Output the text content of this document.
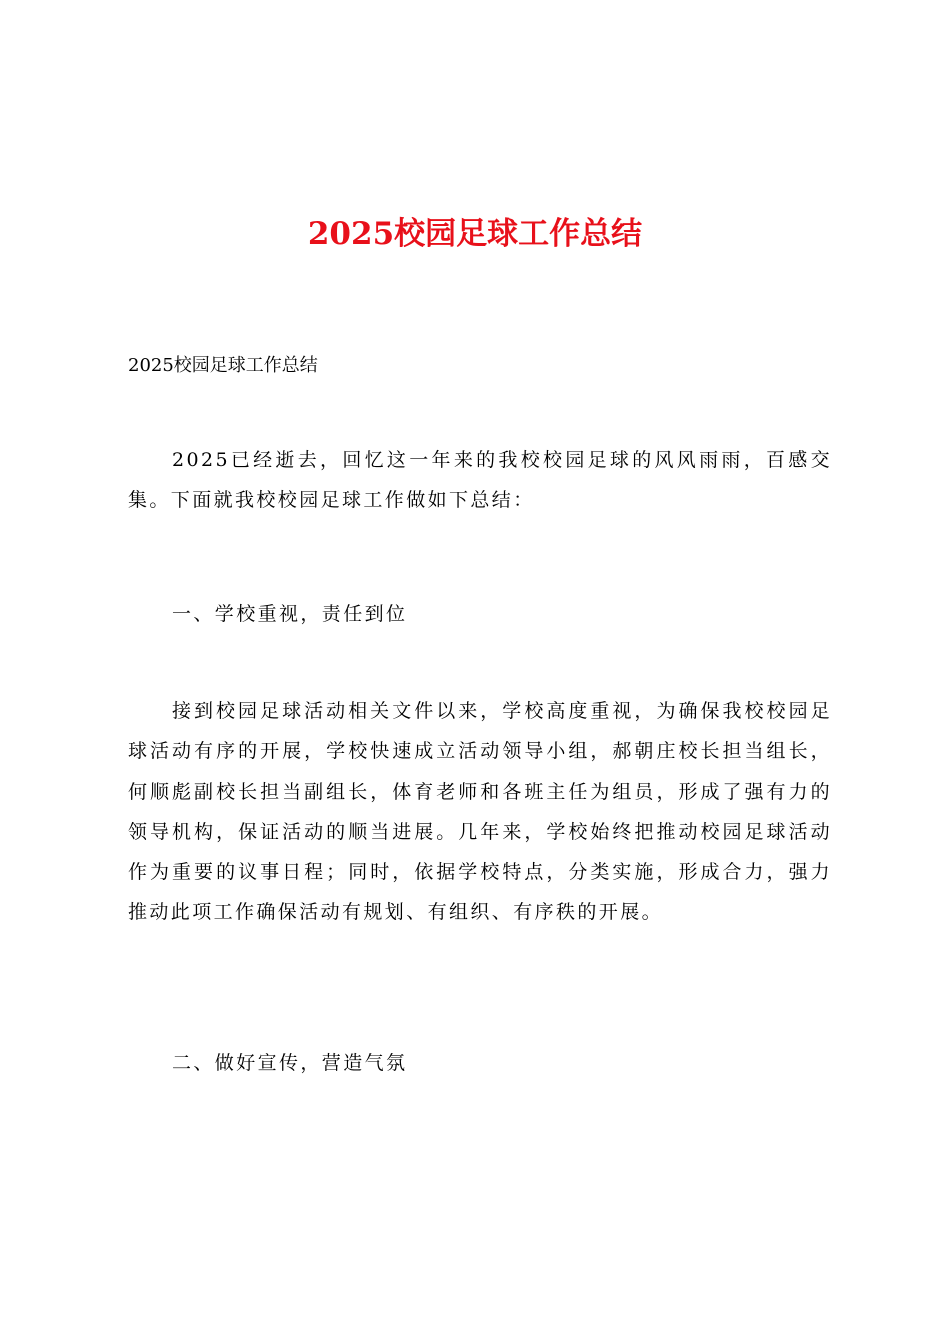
2025校园足球工作总结

2025校园足球工作总结

2025已经逝去，回忆这一年来的我校校园足球的风风雨雨，百感交集。下面就我校校园足球工作做如下总结：

一、学校重视，责任到位

接到校园足球活动相关文件以来，学校高度重视，为确保我校校园足球活动有序的开展，学校快速成立活动领导小组，郝朝庄校长担当组长，何顺彪副校长担当副组长，体育老师和各班主任为组员，形成了强有力的领导机构，保证活动的顺当进展。几年来，学校始终把推动校园足球活动作为重要的议事日程；同时，依据学校特点，分类实施，形成合力，强力推动此项工作确保活动有规划、有组织、有序秩的开展。

二、做好宣传，营造气氛
